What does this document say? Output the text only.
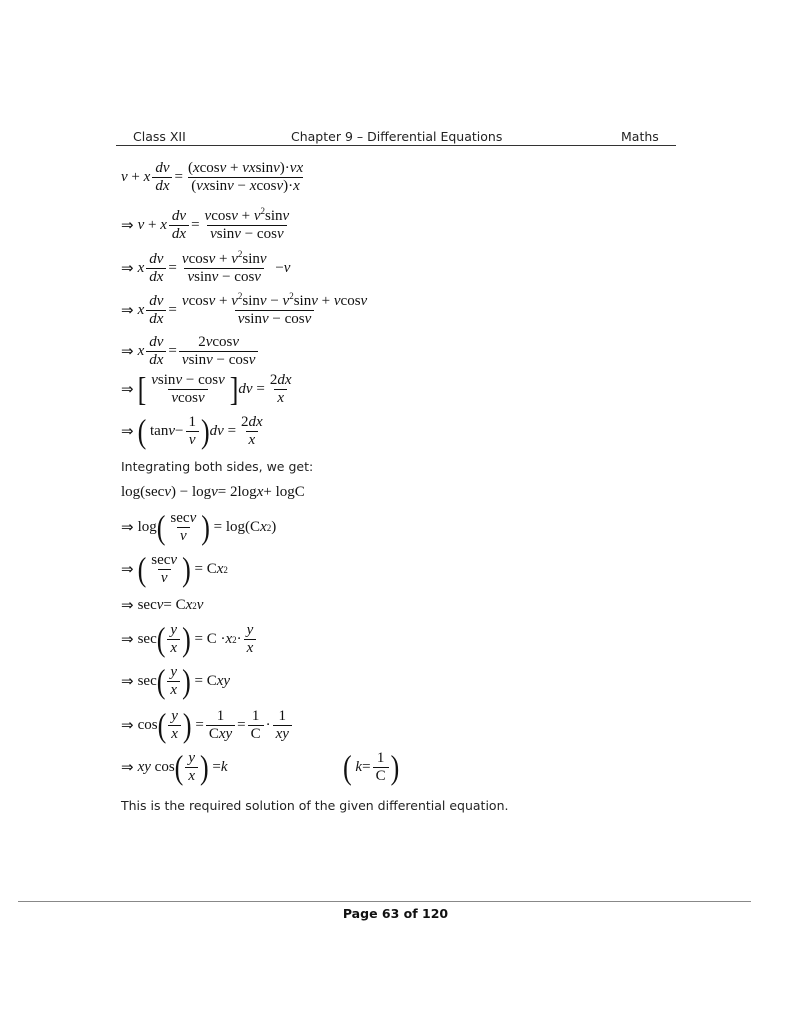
Class XII	Chapter 9 – Differential Equations	Maths
v + x $\frac{dv}{dx} = \frac{(xcosv + vxsinv)\cdot vx}{(vxsinv - xcosv)\cdot x}$
⇒ v + x $\frac{dv}{dx} = \frac{vcosv + v^2\sin v}{vsinv - \cos v}$
⇒ x $\frac{dv}{dx} = \frac{vcosv + v^2\sin v}{vsinv - \cos v} - v$
⇒ x $\frac{dv}{dx} = \frac{vcosv + v^2\sin v - v^2\sin v + vcosv}{vsinv - \cos v}$
⇒ x $\frac{dv}{dx} = \frac{2vcosv}{vsinv - \cos v}$
⇒ [ $\frac{vsinv - \cos v}{vcosv}$ ] dv = $\frac{2dx}{x}$
⇒ ( $\tan v - \frac{1}{v}$ ) dv = $\frac{2dx}{x}$
Integrating both sides, we get:
log(sec v ) − log v = 2log x + logC
⇒ log ( $\frac{\sec v}{v}$ ) = log(C x 2 )
⇒ ( $\frac{\sec v}{v}$ ) = C x 2
⇒ sec v = C x 2 v
⇒ sec ( $\frac{y}{x}$ ) = C · x $2 \cdot \frac{y}{x}$
⇒ sec ( $\frac{y}{x}$ ) = C xy
⇒ cos ( $\frac{y}{x}$ ) = $\frac{1}{\text{Cxy}} = \frac{1}{C} \cdot \frac{1}{xy}$
⇒ xy cos ( $\frac{y}{x}$ ) = k	(
$k = \frac{1}{C}$ )
This is the required solution of the given differential equation.
Page 63 of 120
